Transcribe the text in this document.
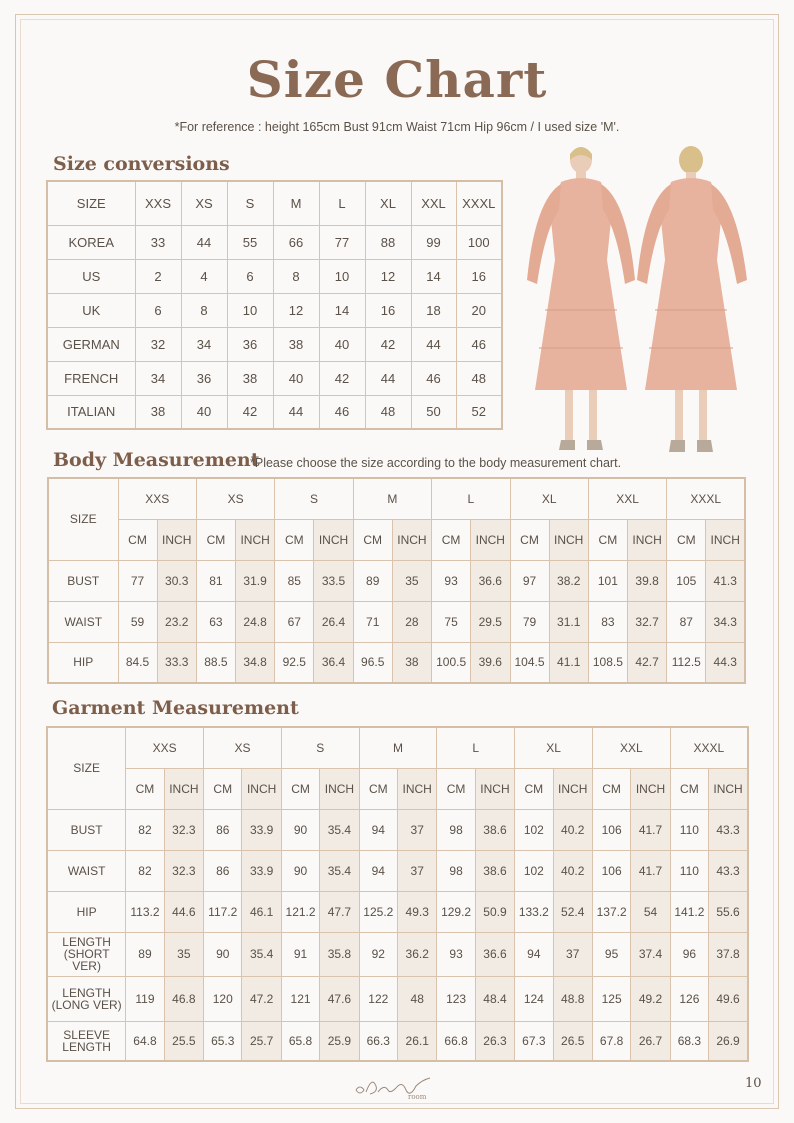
Size Chart
*For reference : height 165cm Bust 91cm Waist 71cm Hip 96cm / I used size 'M'.
Size conversions
SIZE	XXS	XS	S	M	L	XL	XXL	XXXL
KOREA	33	44	55	66	77	88	99	100
US	2	4	6	8	10	12	14	16
UK	6	8	10	12	14	16	18	20
GERMAN	32	34	36	38	40	42	44	46
FRENCH	34	36	38	40	42	44	46	48
ITALIAN	38	40	42	44	46	48	50	52
Body Measurement
*Please choose the size according to the body measurement chart.
SIZE	XXS		XS		S		M		L		XL		XXL		XXXL	
	CM	INCH	CM	INCH	CM	INCH	CM	INCH	CM	INCH	CM	INCH	CM	INCH	CM	INCH
BUST	77	30.3	81	31.9	85	33.5	89	35	93	36.6	97	38.2	101	39.8	105	41.3
WAIST	59	23.2	63	24.8	67	26.4	71	28	75	29.5	79	31.1	83	32.7	87	34.3
HIP	84.5	33.3	88.5	34.8	92.5	36.4	96.5	38	100.5	39.6	104.5	41.1	108.5	42.7	112.5	44.3
Garment Measurement
SIZE	XXS		XS		S		M		L		XL		XXL		XXXL	
	CM	INCH	CM	INCH	CM	INCH	CM	INCH	CM	INCH	CM	INCH	CM	INCH	CM	INCH
BUST	82	32.3	86	33.9	90	35.4	94	37	98	38.6	102	40.2	106	41.7	110	43.3
WAIST	82	32.3	86	33.9	90	35.4	94	37	98	38.6	102	40.2	106	41.7	110	43.3
HIP	113.2	44.6	117.2	46.1	121.2	47.7	125.2	49.3	129.2	50.9	133.2	52.4	137.2	54	141.2	55.6
LENGTH (SHORT VER)	89	35	90	35.4	91	35.8	92	36.2	93	36.6	94	37	95	37.4	96	37.8
LENGTH (LONG VER)	119	46.8	120	47.2	121	47.6	122	48	123	48.4	124	48.8	125	49.2	126	49.6
SLEEVE LENGTH	64.8	25.5	65.3	25.7	65.8	25.9	66.3	26.1	66.8	26.3	67.3	26.5	67.8	26.7	68.3	26.9
room
10
